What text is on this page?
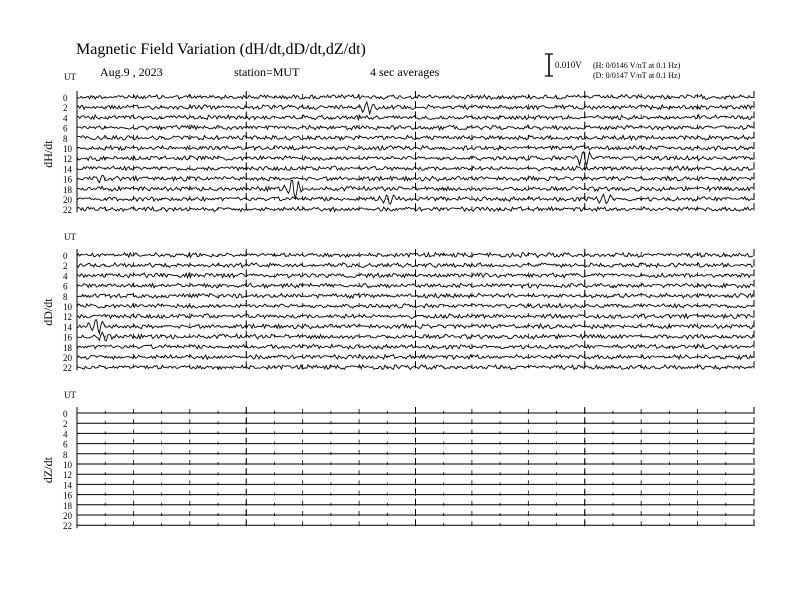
Magnetic Field Variation (dH/dt,dD/dt,dZ/dt)
Aug.9 , 2023	station=MUT	4 sec averages	0.010V (H: 0/0146 V/nT at 0.1 Hz)
(D: 0/0147 V/nT at 0.1 Hz)
UT
dH/dt
0
2
4
6
8
10
12
14
16
18
20
22
UT
dD/dt
0
2
4
6
8
10
12
14
16
18
20
22
UT
dZ/dt
0
2
4
6
8
10
12
14
16
18
20
22
